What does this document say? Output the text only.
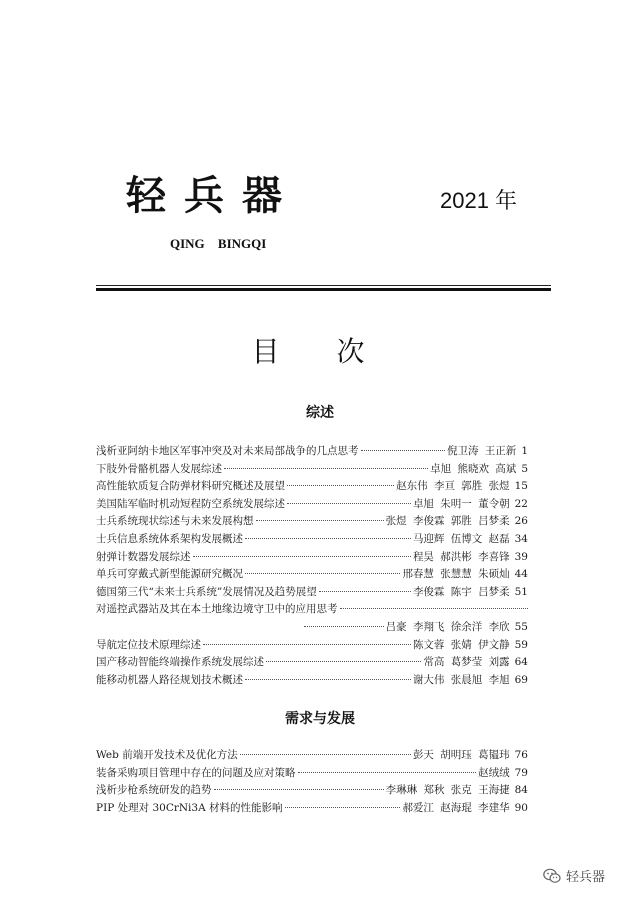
轻兵器	2021 年
QING BINGQI
目 次
综述
浅析亚阿纳卡地区军事冲突及对未来局部战争的几点思考	倪卫涛 王正新 1
下肢外骨骼机器人发展综述	卓旭 熊晓欢 高斌 5
高性能软质复合防弹材料研究概述及展望	赵东伟 李亘 郭胜 张煜 15
美国陆军临时机动短程防空系统发展综述	卓旭 朱明一 董令朝 22
士兵系统现状综述与未来发展构想	张煜 李俊霖 郭胜 吕梦柔 26
士兵信息系统体系架构发展概述	马迎辉 伍博文 赵磊 34
射弹计数器发展综述	程昊 郝洪彬 李喜锋 39
单兵可穿戴式新型能源研究概况	邢春慧 张慧慧 朱硕灿 44
德国第三代“未来士兵系统”发展情况及趋势展望	李俊霖 陈宇 吕梦柔 51
对遥控武器站及其在本土地缘边境守卫中的应用思考
吕豪 李翔飞 徐余洋 李欣 55
导航定位技术原理综述	陈文蓉 张婧 伊文静 59
国产移动智能终端操作系统发展综述	常高 葛梦莹 刘露 64
能移动机器人路径规划技术概述	谢大伟 张晨旭 李旭 69
需求与发展
Web 前端开发技术及优化方法	彭天 胡明珏 葛韫玮 76
装备采购项目管理中存在的问题及应对策略	赵绒绒 79
浅析步枪系统研发的趋势	李琳琳 郑秋 张克 王海捷 84
PIP 处理对 30CrNi3A 材料的性能影响	郝爱江 赵海琨 李建华 90
轻兵器
